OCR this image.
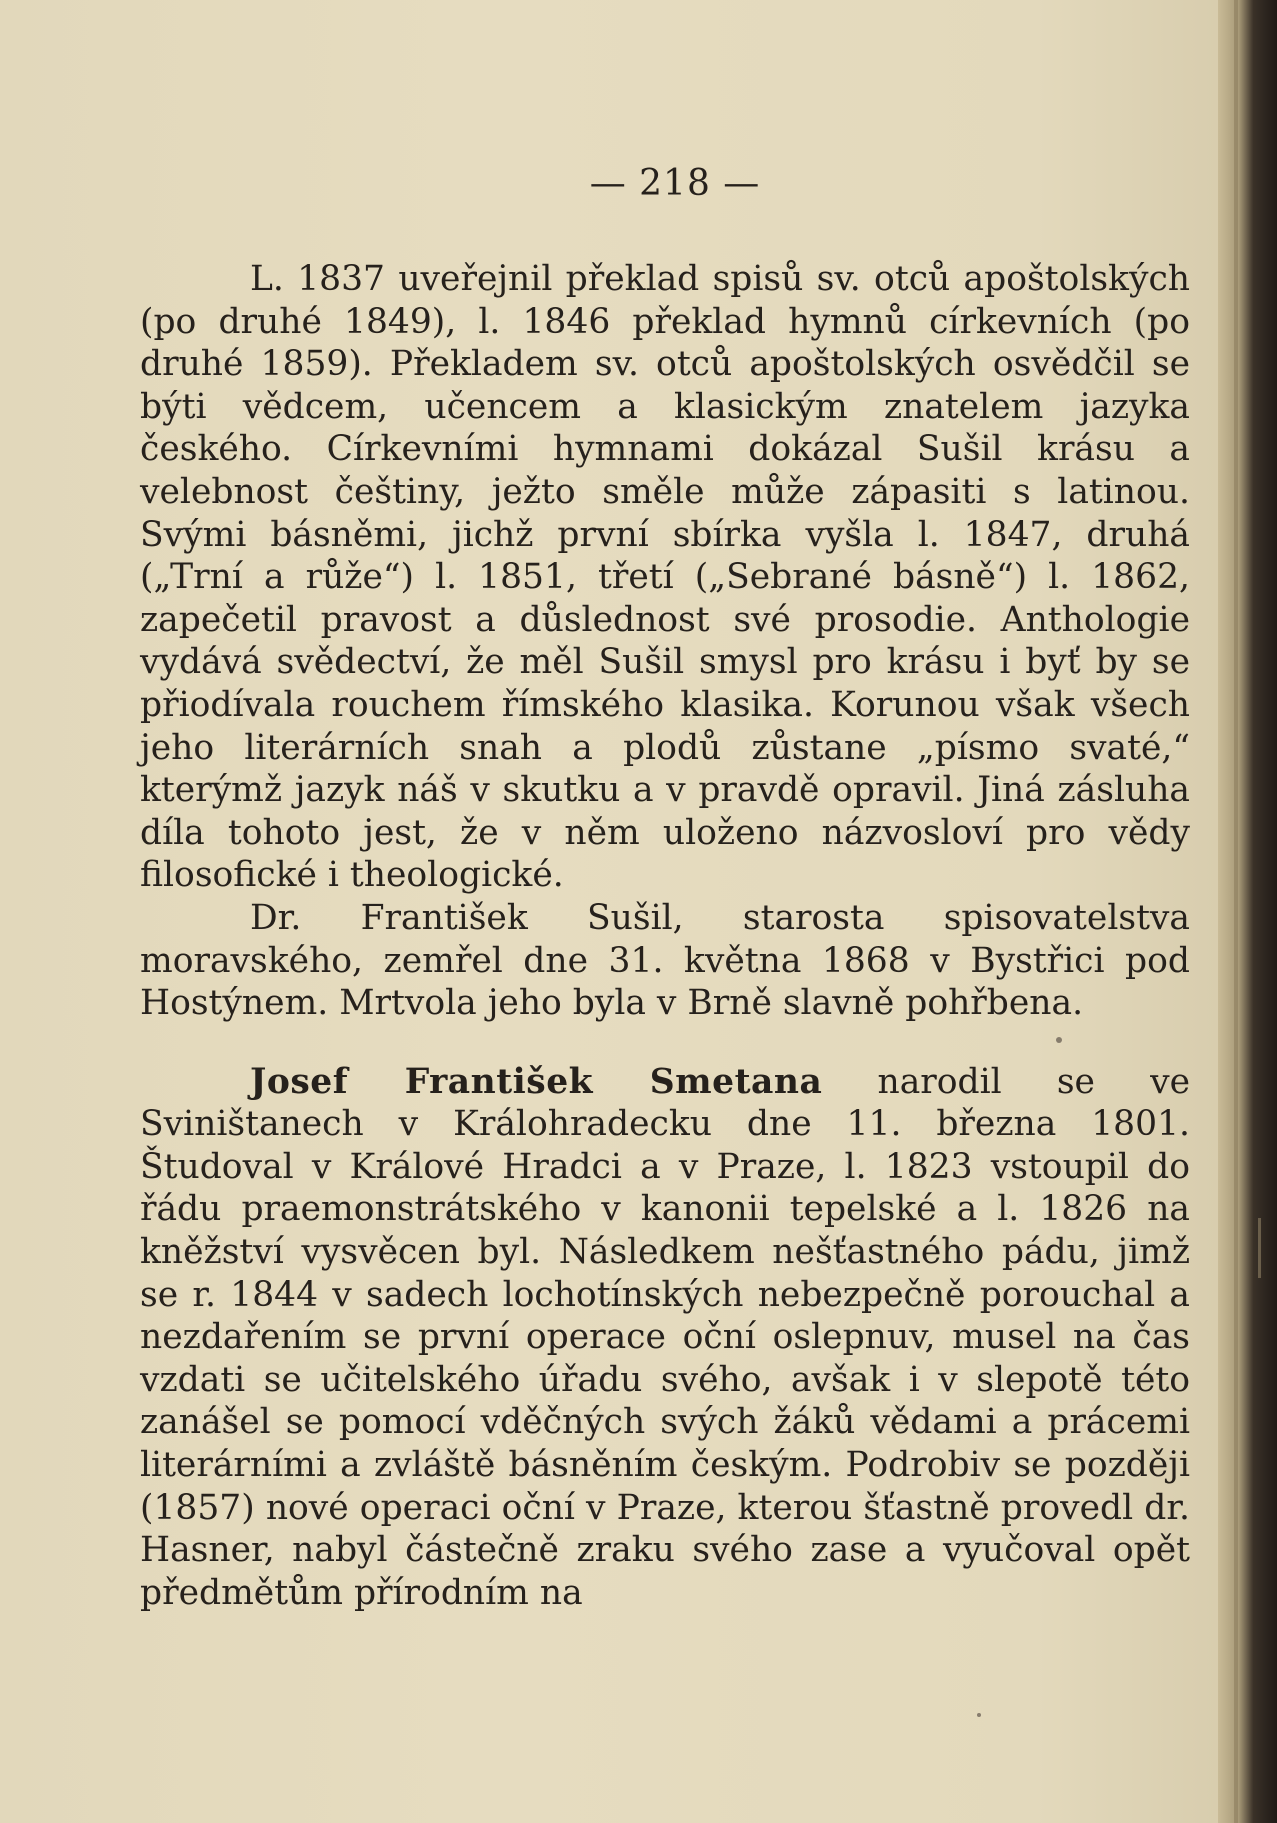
— 218 —

L. 1837 uveřejnil překlad spisů sv. otců apoštolských (po druhé 1849), l. 1846 překlad hymnů církevních (po druhé 1859). Překladem sv. otců apoštolských osvědčil se býti vědcem, učencem a klasickým znatelem jazyka českého. Církevními hymnami dokázal Sušil krásu a velebnost češtiny, ježto směle může zápasiti s latinou. Svými básněmi, jichž první sbírka vyšla l. 1847, druhá („Trní a růže“) l. 1851, třetí („Sebrané básně“) l. 1862, zapečetil pravost a důslednost své prosodie. Anthologie vydává svědectví, že měl Sušil smysl pro krásu i byť by se přiodívala rouchem římského klasika. Korunou však všech jeho literárních snah a plodů zůstane „písmo svaté,“ kterýmž jazyk náš v skutku a v pravdě opravil. Jiná zásluha díla tohoto jest, že v něm uloženo názvosloví pro vědy filosofické i theologické.

Dr. František Sušil, starosta spisovatelstva moravského, zemřel dne 31. května 1868 v Bystřici pod Hostýnem. Mrtvola jeho byla v Brně slavně pohřbena.

Josef František Smetana narodil se ve Sviništanech v Králohradecku dne 11. března 1801. Študoval v Králové Hradci a v Praze, l. 1823 vstoupil do řádu praemonstrátského v kanonii tepelské a l. 1826 na kněžství vysvěcen byl. Následkem nešťastného pádu, jimž se r. 1844 v sadech lochotínských nebezpečně porouchal a nezdařením se první operace oční oslepnuv, musel na čas vzdati se učitelského úřadu svého, avšak i v slepotě této zanášel se pomocí vděčných svých žáků vědami a prácemi literárními a zvláště básněním českým. Podrobiv se později (1857) nové operaci oční v Praze, kterou šťastně provedl dr. Hasner, nabyl částečně zraku svého zase a vyučoval opět předmětům přírodním na
